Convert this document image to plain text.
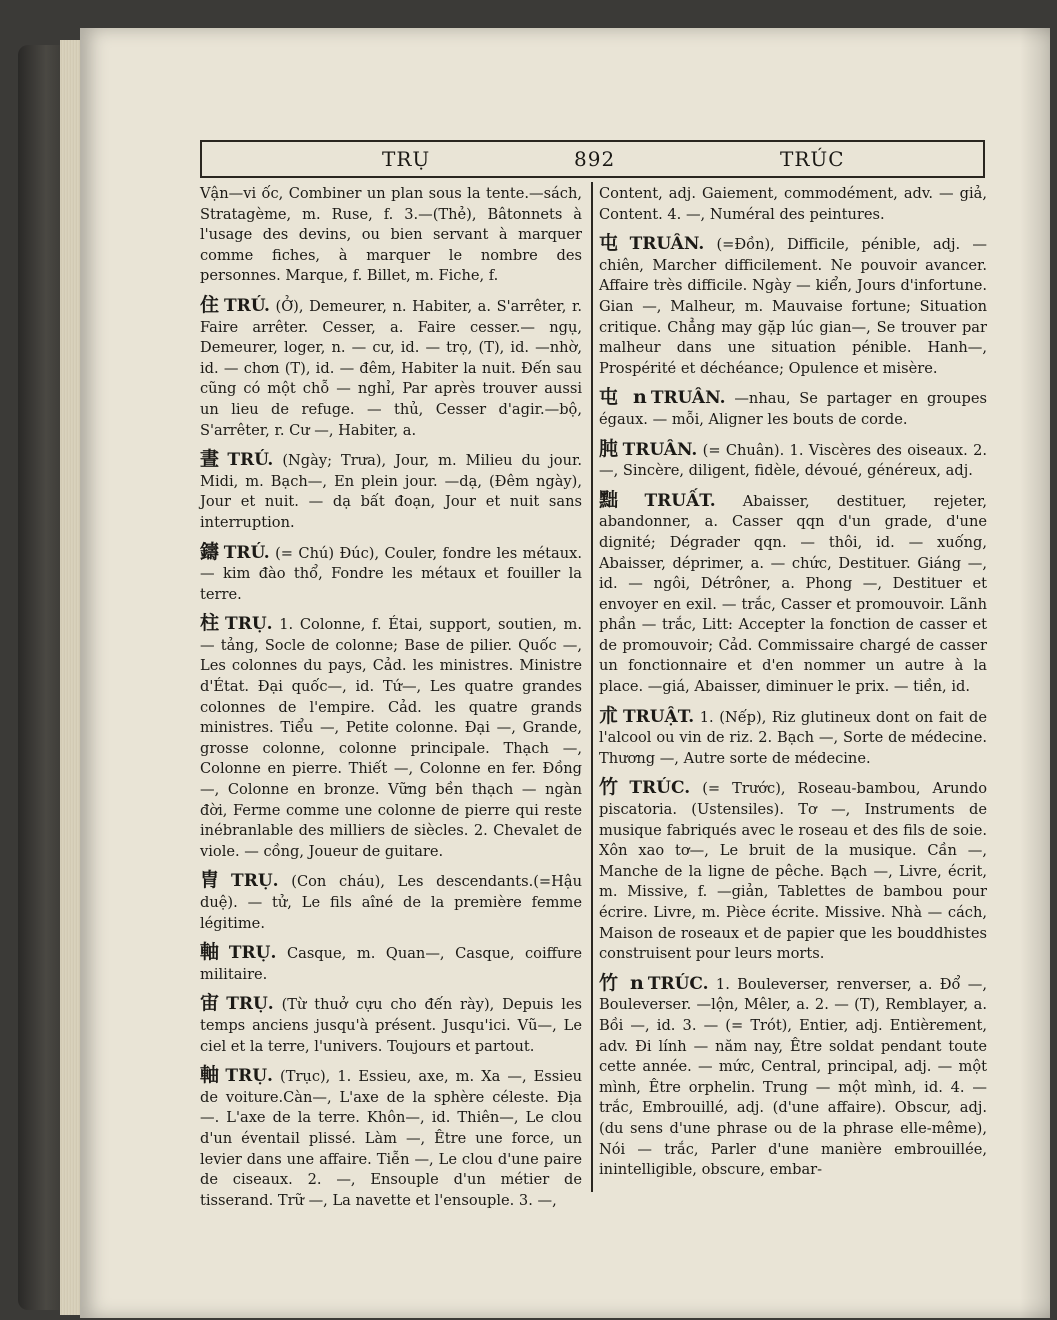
TRỤ	892	TRÚC

Vận—vi ốc, Combiner un plan sous la tente.—sách, Stratagème, m. Ruse, f. 3.—(Thẻ), Bâtonnets à l'usage des devins, ou bien servant à marquer comme fiches, à marquer le nombre des personnes. Marque, f. Billet, m. Fiche, f.

住 TRÚ. (Ở), Demeurer, n. Habiter, a. S'arrêter, r. Faire arrêter. Cesser, a. Faire cesser.— ngụ, Demeurer, loger, n. — cư, id. — trọ, (T), id. —nhờ, id. — chơn (T), id. — đêm, Habiter la nuit. Đến sau cũng có một chỗ — nghỉ, Par après trouver aussi un lieu de refuge. — thủ, Cesser d'agir.—bộ, S'arrêter, r. Cư —, Habiter, a.

晝 TRÚ. (Ngày; Trưa), Jour, m. Milieu du jour. Midi, m. Bạch—, En plein jour. —dạ, (Đêm ngày), Jour et nuit. — dạ bất đoạn, Jour et nuit sans interruption.

鑄 TRÚ. (= Chú) Đúc), Couler, fondre les métaux.— kim đào thổ, Fondre les métaux et fouiller la terre.

柱 TRỤ. 1. Colonne, f. Étai, support, soutien, m. — tảng, Socle de colonne; Base de pilier. Quốc —, Les colonnes du pays, Cảd. les ministres. Ministre d'État. Đại quốc—, id. Tứ—, Les quatre grandes colonnes de l'empire. Cảd. les quatre grands ministres. Tiểu —, Petite colonne. Đại —, Grande, grosse colonne, colonne principale. Thạch —, Colonne en pierre. Thiết —, Colonne en fer. Đồng —, Colonne en bronze. Vững bền thạch — ngàn đời, Ferme comme une colonne de pierre qui reste inébranlable des milliers de siècles. 2. Chevalet de viole. — cồng, Joueur de guitare.

胄 TRỤ. (Con cháu), Les descendants.(=Hậu duệ). — tử, Le fils aîné de la première femme légitime.

軸 TRỤ. Casque, m. Quan—, Casque, coiffure militaire.

宙 TRỤ. (Từ thuở cựu cho đến rày), Depuis les temps anciens jusqu'à présent. Jusqu'ici. Vũ—, Le ciel et la terre, l'univers. Toujours et partout.

軸 TRỤ. (Trục), 1. Essieu, axe, m. Xa —, Essieu de voiture.Càn—, L'axe de la sphère céleste. Địa —. L'axe de la terre. Khôn—, id. Thiên—, Le clou d'un éventail plissé. Làm —, Être une force, un levier dans une affaire. Tiễn —, Le clou d'une paire de ciseaux. 2. —, Ensouple d'un métier de tisserand. Trữ —, La navette et l'ensouple. 3. —,

Content, adj. Gaiement, commodément, adv. — giả, Content. 4. —, Numéral des peintures.

屯 TRUÂN. (=Đồn), Difficile, pénible, adj. — chiên, Marcher difficilement. Ne pouvoir avancer. Affaire très difficile. Ngày — kiển, Jours d'infortune. Gian —, Malheur, m. Mauvaise fortune; Situation critique. Chẳng may gặp lúc gian—, Se trouver par malheur dans une situation pénible. Hanh—, Prospérité et déchéance; Opulence et misère.

屯 n TRUÂN. —nhau, Se partager en groupes égaux. — mỗi, Aligner les bouts de corde.

肫 TRUÂN. (= Chuân). 1. Viscères des oiseaux. 2.—, Sincère, diligent, fidèle, dévoué, généreux, adj.

黜 TRUẤT. Abaisser, destituer, rejeter, abandonner, a. Casser qqn d'un grade, d'une dignité; Dégrader qqn. — thôi, id. — xuống, Abaisser, déprimer, a. — chức, Destituer. Giáng —, id. — ngôi, Détrôner, a. Phong —, Destituer et envoyer en exil. — trắc, Casser et promouvoir. Lãnh phần — trắc, Litt: Accepter la fonction de casser et de promouvoir; Cảd. Commissaire chargé de casser un fonctionnaire et d'en nommer un autre à la place. —giá, Abaisser, diminuer le prix. — tiền, id.

朮 TRUẬT. 1. (Nếp), Riz glutineux dont on fait de l'alcool ou vin de riz. 2. Bạch —, Sorte de médecine. Thương —, Autre sorte de médecine.

竹 TRÚC. (= Trước), Roseau-bambou, Arundo piscatoria. (Ustensiles). Tơ —, Instruments de musique fabriqués avec le roseau et des fils de soie. Xôn xao tơ—, Le bruit de la musique. Cần —, Manche de la ligne de pêche. Bạch —, Livre, écrit, m. Missive, f. —giản, Tablettes de bambou pour écrire. Livre, m. Pièce écrite. Missive. Nhà — cách, Maison de roseaux et de papier que les bouddhistes construisent pour leurs morts.

竹 n TRÚC. 1. Bouleverser, renverser, a. Đổ —, Bouleverser. —lộn, Mêler, a. 2. — (T), Remblayer, a. Bồi —, id. 3. — (= Trót), Entier, adj. Entièrement, adv. Đi lính — năm nay, Être soldat pendant toute cette année. — mức, Central, principal, adj. — một mình, Être orphelin. Trung — một mình, id. 4. —trắc, Embrouillé, adj. (d'une affaire). Obscur, adj. (du sens d'une phrase ou de la phrase elle-même), Nói — trắc, Parler d'une manière embrouillée, inintelligible, obscure, embar-
